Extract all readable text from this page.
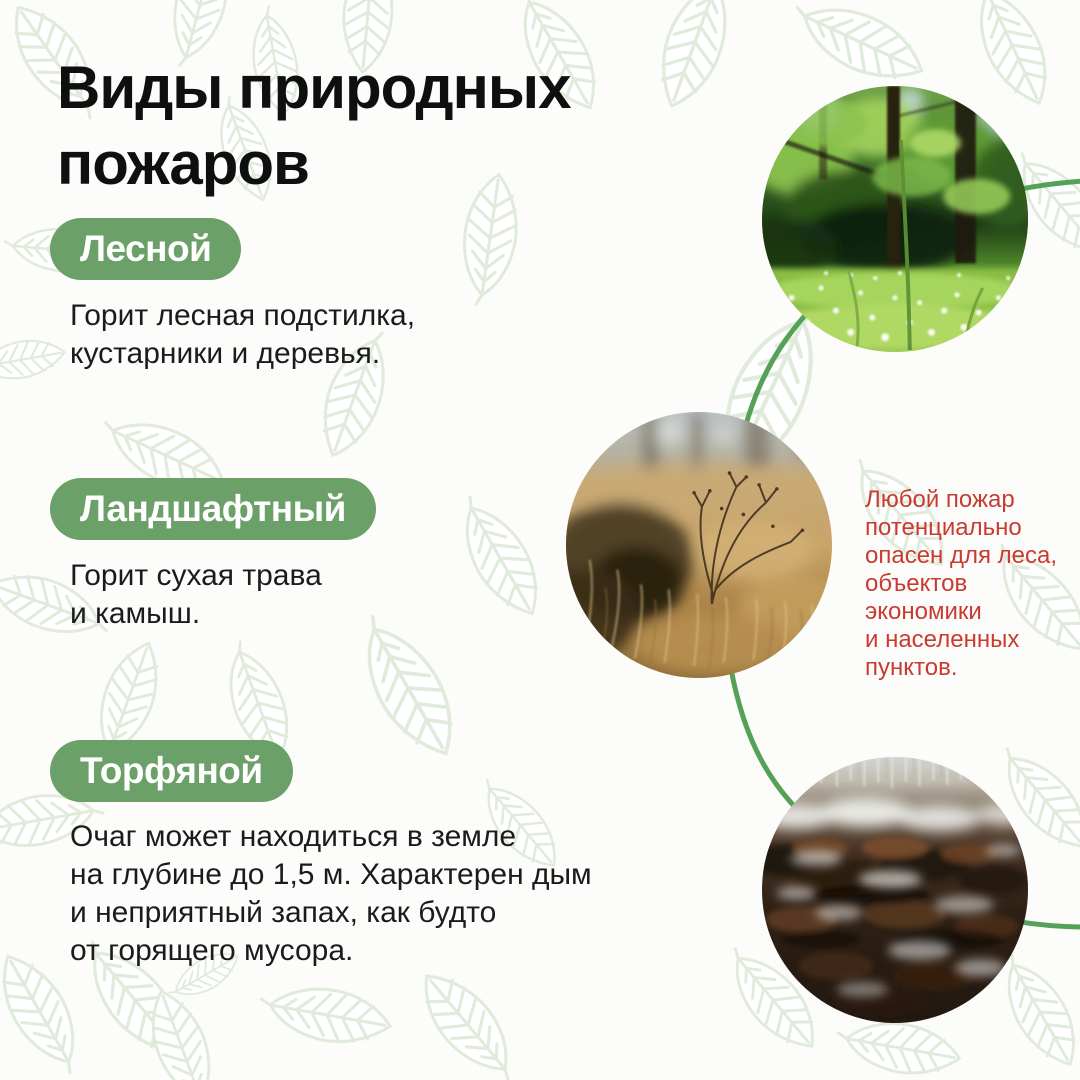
Виды природных
пожаров
Лесной
Горит лесная подстилка,
кустарники и деревья.
Ландшафтный
Горит сухая трава
и камыш.
Торфяной
Очаг может находиться в земле
на глубине до 1,5 м. Характерен дым
и неприятный запах, как будто
от горящего мусора.
Любой пожар
потенциально
опасен для леса,
объектов
экономики
и населенных
пунктов.
